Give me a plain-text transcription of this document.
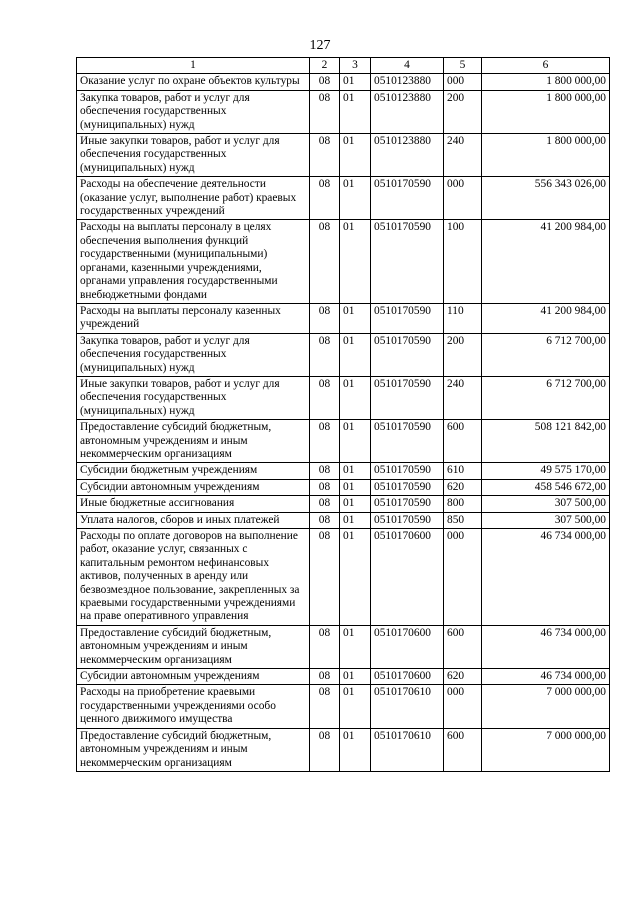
127
1	2	3	4	5	6
Оказание услуг по охране объектов культуры	08	01	0510123880	000	1 800 000,00
Закупка товаров, работ и услуг для обеспечения государственных (муниципальных) нужд	08	01	0510123880	200	1 800 000,00
Иные закупки товаров, работ и услуг для обеспечения государственных (муниципальных) нужд	08	01	0510123880	240	1 800 000,00
Расходы на обеспечение деятельности (оказание услуг, выполнение работ) краевых государственных учреждений	08	01	0510170590	000	556 343 026,00
Расходы на выплаты персоналу в целях обеспечения выполнения функций государственными (муниципальными) органами, казенными учреждениями, органами управления государственными внебюджетными фондами	08	01	0510170590	100	41 200 984,00
Расходы на выплаты персоналу казенных учреждений	08	01	0510170590	110	41 200 984,00
Закупка товаров, работ и услуг для обеспечения государственных (муниципальных) нужд	08	01	0510170590	200	6 712 700,00
Иные закупки товаров, работ и услуг для обеспечения государственных (муниципальных) нужд	08	01	0510170590	240	6 712 700,00
Предоставление субсидий бюджетным, автономным учреждениям и иным некоммерческим организациям	08	01	0510170590	600	508 121 842,00
Субсидии бюджетным учреждениям	08	01	0510170590	610	49 575 170,00
Субсидии автономным учреждениям	08	01	0510170590	620	458 546 672,00
Иные бюджетные ассигнования	08	01	0510170590	800	307 500,00
Уплата налогов, сборов и иных платежей	08	01	0510170590	850	307 500,00
Расходы по оплате договоров на выполнение работ, оказание услуг, связанных с капитальным ремонтом нефинансовых активов, полученных в аренду или безвозмездное пользование, закрепленных за краевыми государственными учреждениями на праве оперативного управления	08	01	0510170600	000	46 734 000,00
Предоставление субсидий бюджетным, автономным учреждениям и иным некоммерческим организациям	08	01	0510170600	600	46 734 000,00
Субсидии автономным учреждениям	08	01	0510170600	620	46 734 000,00
Расходы на приобретение краевыми государственными учреждениями особо ценного движимого имущества	08	01	0510170610	000	7 000 000,00
Предоставление субсидий бюджетным, автономным учреждениям и иным некоммерческим организациям	08	01	0510170610	600	7 000 000,00
